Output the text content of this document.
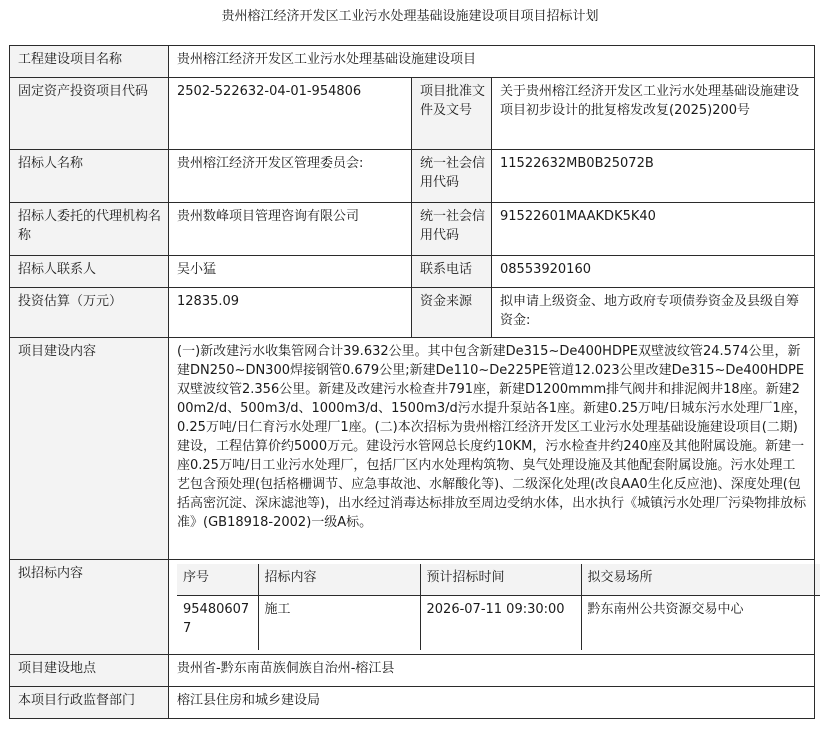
贵州榕江经济开发区工业污水处理基础设施建设项目项目招标计划
工程建设项目名称	贵州榕江经济开发区工业污水处理基础设施建设项目
固定资产投资项目代码	2502-522632-04-01-954806	项目批准文件及文号	关于贵州榕江经济开发区工业污水处理基础设施建设项目初步设计的批复榕发改复(2025)200号
招标人名称	贵州榕江经济开发区管理委员会:	统一社会信用代码	11522632MB0B25072B
招标人委托的代理机构名称	贵州数峰项目管理咨询有限公司	统一社会信用代码	91522601MAAKDK5K40
招标人联系人	吴小猛	联系电话	08553920160
投资估算（万元）	12835.09	资金来源	拟申请上级资金、地方政府专项债券资金及县级自筹资金:
项目建设内容	(一)新改建污水收集管网合计39.632公里。其中包含新建De315~De400HDPE双壁波纹管24.574公里，新建DN250~DN300焊接钢管0.679公里;新建De110~De225PE管道12.023公里改建De315~De400HDPE双壁波纹管2.356公里。新建及改建污水检查井791座，新建D1200mmm排气阀井和排泥阀井18座。新建200m2/d、500m3/d、1000m3/d、1500m3/d污水提升泵站各1座。新建0.25万吨/日城东污水处理厂1座，0.25万吨/日仁育污水处理厂1座。(二)本次招标为贵州榕江经济开发区工业污水处理基础设施建设项目(二期)建设，工程估算价约5000万元。建设污水管网总长度约10KM，污水检查井约240座及其他附属设施。新建一座0.25万吨/日工业污水处理厂，包括厂区内水处理构筑物、臭气处理设施及其他配套附属设施。污水处理工艺包含预处理(包括格栅调节、应急事故池、水解酸化等)、二级深化处理(改良AA0生化反应池)、深度处理(包括高密沉淀、深床滤池等)，出水经过消毒达标排放至周边受纳水体，出水执行《城镇污水处理厂污染物排放标准》(GB18918-2002)一级A标。
拟招标内容		序号	招标内容	预计招标时间	拟交易场所
954806077	施工	2026-07-11 09:30:00	黔东南州公共资源交易中心

项目建设地点	贵州省-黔东南苗族侗族自治州-榕江县
本项目行政监督部门	榕江县住房和城乡建设局
